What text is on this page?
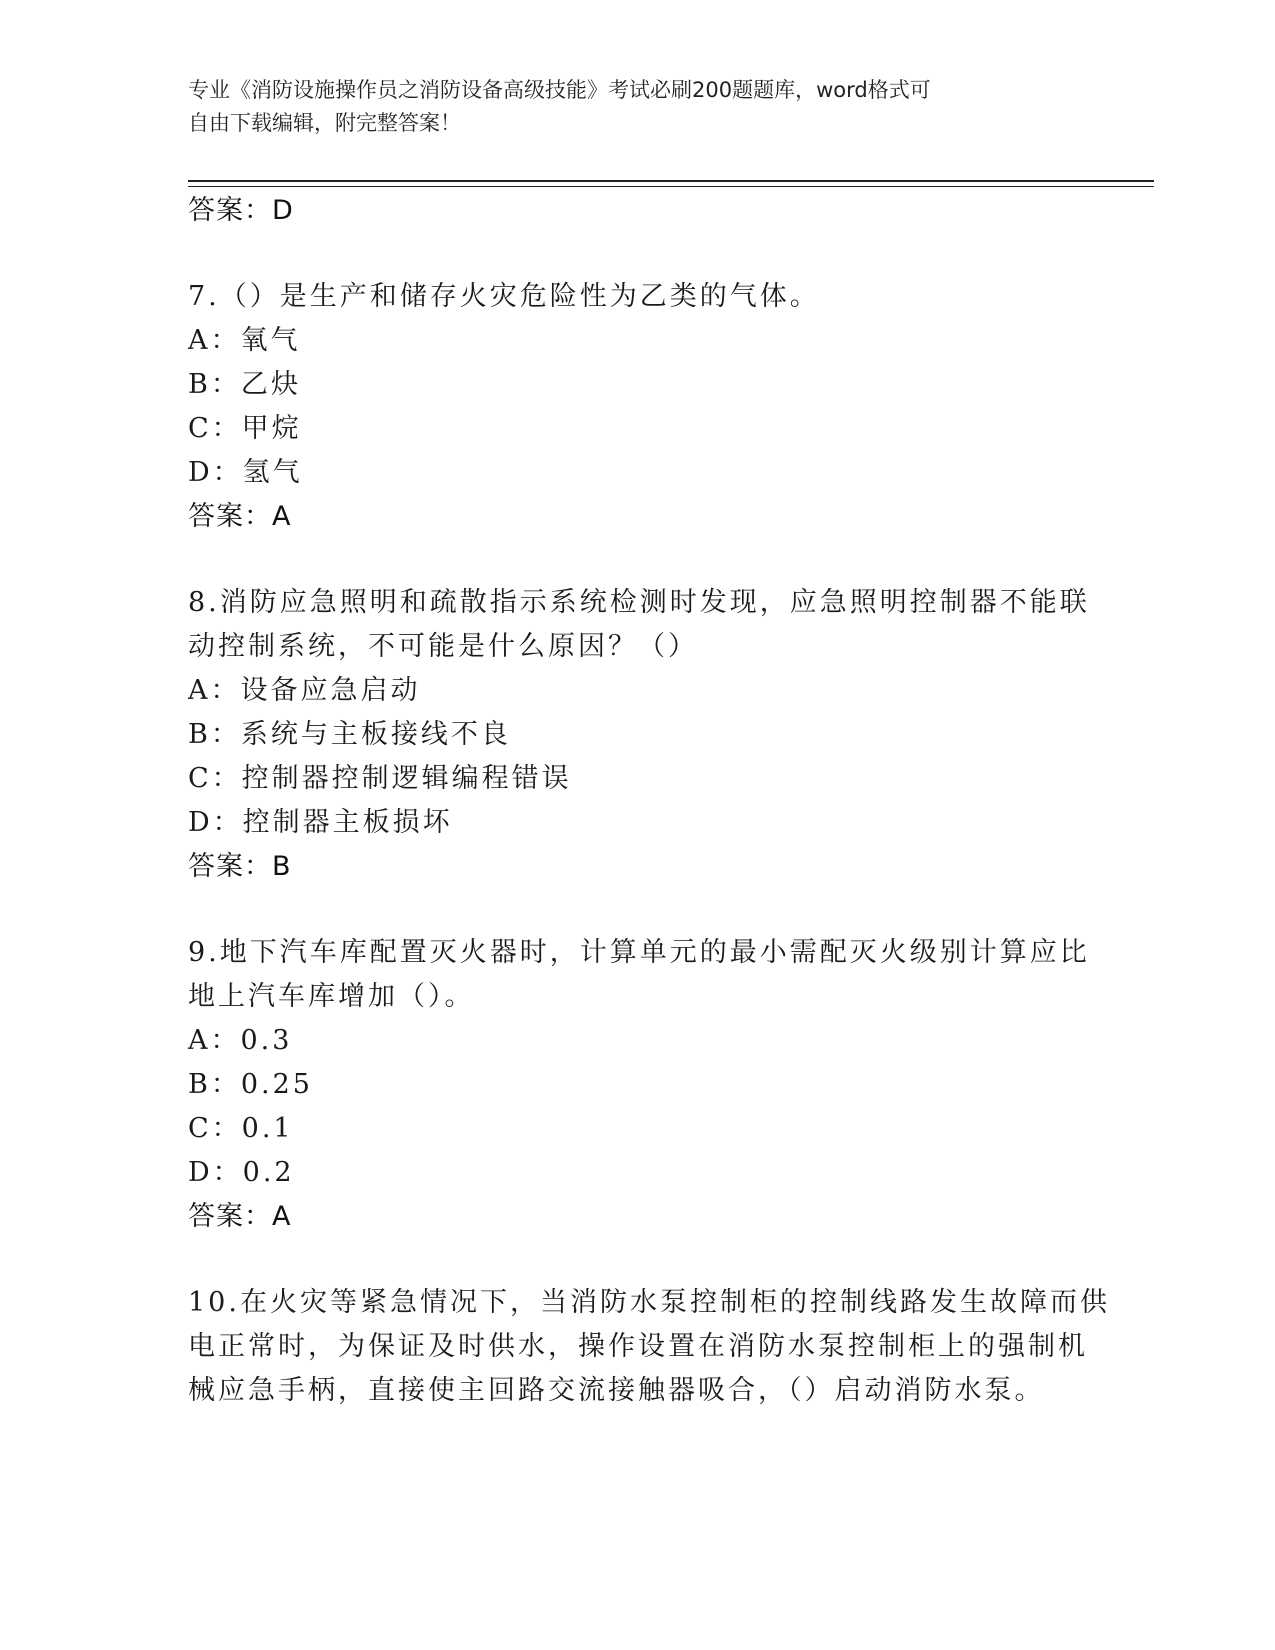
专业《消防设施操作员之消防设备高级技能》考试必刷200题题库，word格式可
自由下载编辑，附完整答案！
答案：D
7.（）是生产和储存火灾危险性为乙类的气体。
A：氧气
B：乙炔
C：甲烷
D：氢气
答案：A
8.消防应急照明和疏散指示系统检测时发现，应急照明控制器不能联
动控制系统，不可能是什么原因？（）
A：设备应急启动
B：系统与主板接线不良
C：控制器控制逻辑编程错误
D：控制器主板损坏
答案：B
9.地下汽车库配置灭火器时，计算单元的最小需配灭火级别计算应比
地上汽车库增加（）。
A：0.3
B：0.25
C：0.1
D：0.2
答案：A
10.在火灾等紧急情况下，当消防水泵控制柜的控制线路发生故障而供
电正常时，为保证及时供水，操作设置在消防水泵控制柜上的强制机
械应急手柄，直接使主回路交流接触器吸合，（）启动消防水泵。
